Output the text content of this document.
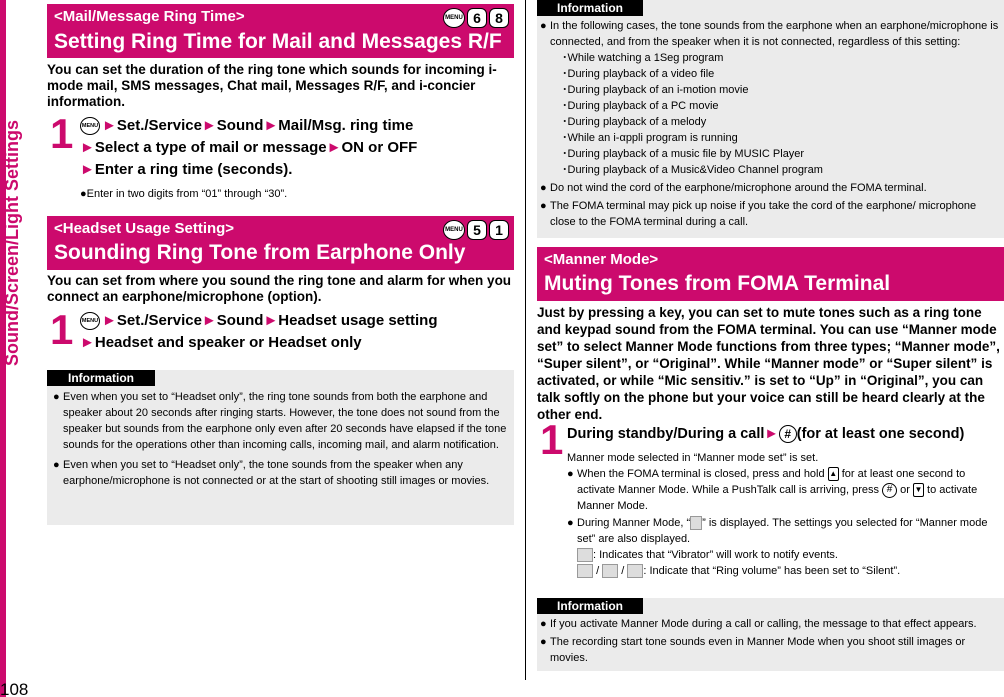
Sound/Screen/Light Settings
108
<Mail/Message Ring Time>	MENU 6	8
Setting Ring Time for Mail and Messages R/F
You can set the duration of the ring tone which sounds for incoming i-mode mail, SMS messages, Chat mail, Messages R/F, and i-concier information.
1	MENU ►Set./Service►Sound►Mail/Msg. ring time
►Select a type of mail or message►ON or OFF
►Enter a ring time (seconds).
●Enter in two digits from “01” through “30”.
<Headset Usage Setting>	MENU 5	1
Sounding Ring Tone from Earphone Only
You can set from where you sound the ring tone and alarm for when you connect an earphone/microphone (option).
1	MENU ►Set./Service►Sound►Headset usage setting
►Headset and speaker or Headset only
Information
● Even when you set to “Headset only”, the ring tone sounds from both the earphone and speaker about 20 seconds after ringing starts. However, the tone does not sound from the speaker but sounds from the earphone only even after 20 seconds have elapsed if the tone sounds for the operations other than incoming calls, incoming mail, and alarm notification.
● Even when you set to “Headset only”, the tone sounds from the speaker when any earphone/microphone is not connected or at the start of shooting still images or movies.
Information
● In the following cases, the tone sounds from the earphone when an earphone/microphone is connected, and from the speaker when it is not connected, regardless of this setting:
･While watching a 1Seg program
･During playback of a video file
･During playback of an i-motion movie
･During playback of a PC movie
･During playback of a melody
･While an i-αppli program is running
･During playback of a music file by MUSIC Player
･During playback of a Music&Video Channel program
● Do not wind the cord of the earphone/microphone around the FOMA terminal.
● The FOMA terminal may pick up noise if you take the cord of the earphone/ microphone close to the FOMA terminal during a call.
<Manner Mode>
Muting Tones from FOMA Terminal
Just by pressing a key, you can set to mute tones such as a ring tone and keypad sound from the FOMA terminal. You can use “Manner mode set” to select Manner Mode functions from three types; “Manner mode”, “Super silent”, or “Original”. While “Manner mode” or “Super silent” is activated, or while “Mic sensitiv.” is set to “Up” in “Original”, you can talk softly on the phone but your voice can still be heard clearly at the other end.
1 During standby/During a call► # (for at least one second)
Manner mode selected in “Manner mode set” is set.
● When the FOMA terminal is closed, press and hold ▲ for at least one second to activate Manner Mode. While a PushTalk call is arriving, press # or ▼ to activate Manner Mode.
● During Manner Mode, “ ” is displayed. The settings you selected for “Manner mode set” are also displayed.
: Indicates that “Vibrator” will work to notify events.
/ / : Indicate that “Ring volume” has been set to “Silent”.
Information
● If you activate Manner Mode during a call or calling, the message to that effect appears.
● The recording start tone sounds even in Manner Mode when you shoot still images or movies.
